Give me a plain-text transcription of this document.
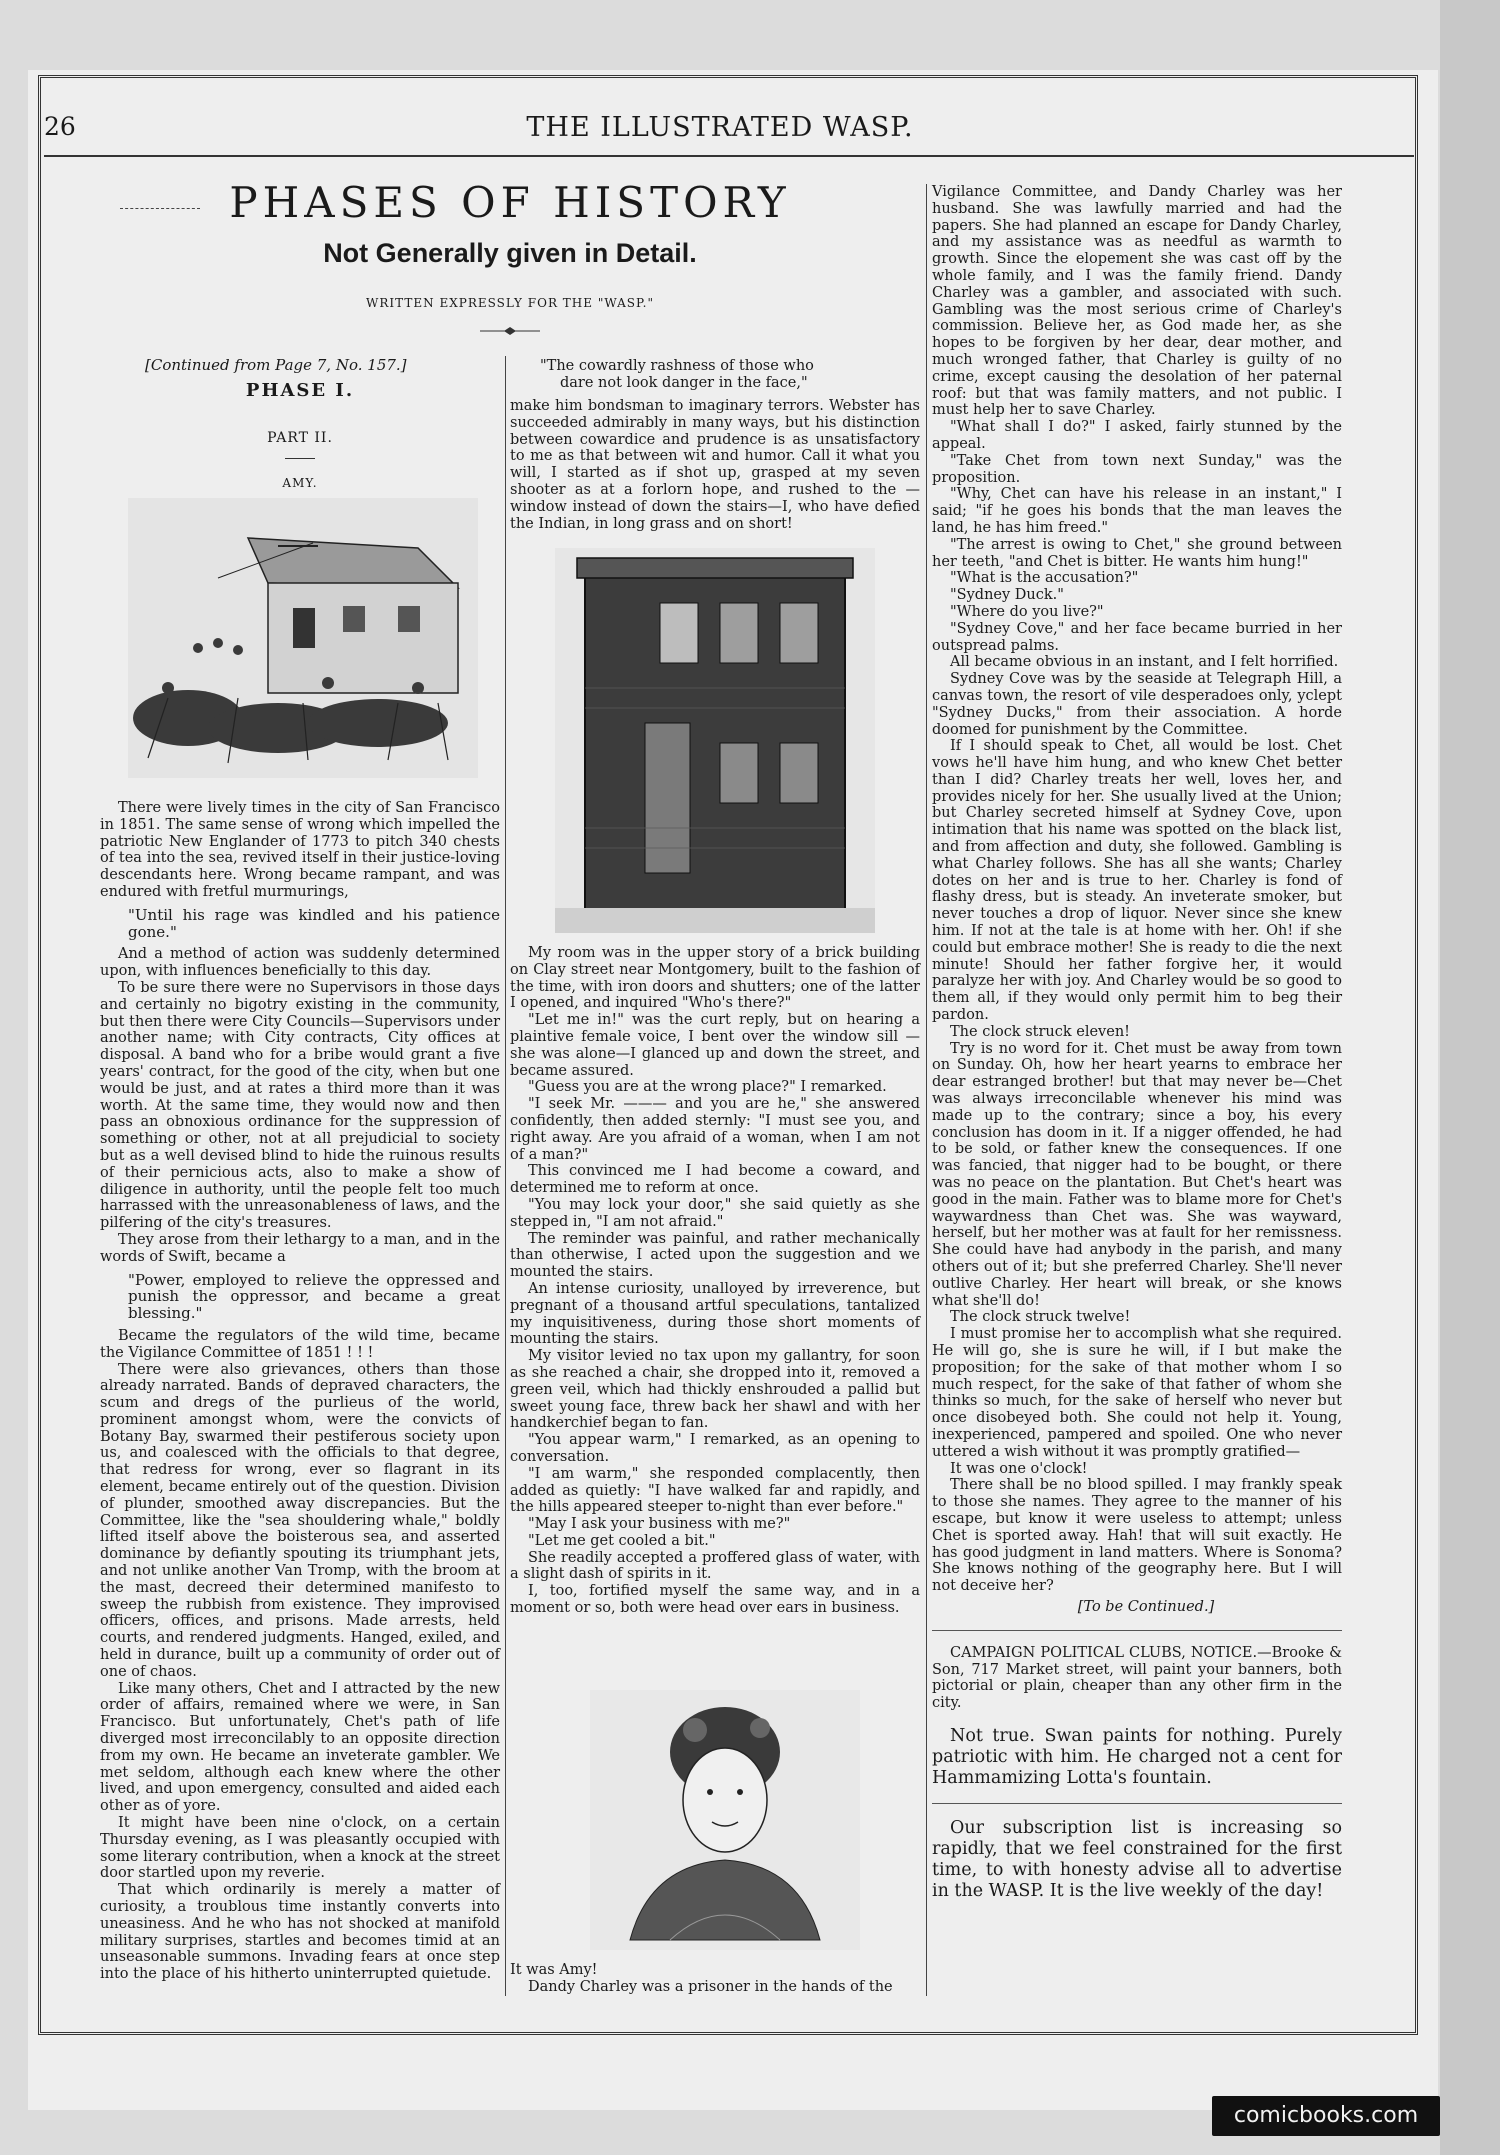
26	THE ILLUSTRATED WASP.
PHASES OF HISTORY
Not Generally given in Detail.
WRITTEN EXPRESSLY FOR THE "WASP."
[Continued from Page 7, No. 157.]
PHASE I.
PART II.
AMY.

There were lively times in the city of San Francisco in 1851. The same sense of wrong which impelled the patriotic New Englander of 1773 to pitch 340 chests of tea into the sea, revived itself in their justice-loving descendants here. Wrong became rampant, and was endured with fretful murmurings,

"Until his rage was kindled and his patience gone."

And a method of action was suddenly determined upon, with influences beneficially to this day.

To be sure there were no Supervisors in those days and certainly no bigotry existing in the community, but then there were City Councils—Supervisors under another name; with City contracts, City offices at disposal. A band who for a bribe would grant a five years' contract, for the good of the city, when but one would be just, and at rates a third more than it was worth. At the same time, they would now and then pass an obnoxious ordinance for the suppression of something or other, not at all prejudicial to society but as a well devised blind to hide the ruinous results of their pernicious acts, also to make a show of diligence in authority, until the people felt too much harrassed with the unreasonableness of laws, and the pilfering of the city's treasures.

They arose from their lethargy to a man, and in the words of Swift, became a

"Power, employed to relieve the oppressed and punish the oppressor, and became a great blessing."

Became the regulators of the wild time, became the Vigilance Committee of 1851 ! ! !

There were also grievances, others than those already narrated. Bands of depraved characters, the scum and dregs of the purlieus of the world, prominent amongst whom, were the convicts of Botany Bay, swarmed their pestiferous society upon us, and coalesced with the officials to that degree, that redress for wrong, ever so flagrant in its element, became entirely out of the question. Division of plunder, smoothed away discrepancies. But the Committee, like the "sea shouldering whale," boldly lifted itself above the boisterous sea, and asserted dominance by defiantly spouting its triumphant jets, and not unlike another Van Tromp, with the broom at the mast, decreed their determined manifesto to sweep the rubbish from existence. They improvised officers, offices, and prisons. Made arrests, held courts, and rendered judgments. Hanged, exiled, and held in durance, built up a community of order out of one of chaos.

Like many others, Chet and I attracted by the new order of affairs, remained where we were, in San Francisco. But unfortunately, Chet's path of life diverged most irreconcilably to an opposite direction from my own. He became an inveterate gambler. We met seldom, although each knew where the other lived, and upon emergency, consulted and aided each other as of yore.

It might have been nine o'clock, on a certain Thursday evening, as I was pleasantly occupied with some literary contribution, when a knock at the street door startled upon my reverie.

That which ordinarily is merely a matter of curiosity, a troublous time instantly converts into uneasiness. And he who has not shocked at manifold military surprises, startles and becomes timid at an unseasonable summons. Invading fears at once step into the place of his hitherto uninterrupted quietude.

"The cowardly rashness of those who
dare not look danger in the face,"

make him bondsman to imaginary terrors. Webster has succeeded admirably in many ways, but his distinction between cowardice and prudence is as unsatisfactory to me as that between wit and humor. Call it what you will, I started as if shot up, grasped at my seven shooter as at a forlorn hope, and rushed to the —window instead of down the stairs—I, who have defied the Indian, in long grass and on short!

My room was in the upper story of a brick building on Clay street near Montgomery, built to the fashion of the time, with iron doors and shutters; one of the latter I opened, and inquired "Who's there?"

"Let me in!" was the curt reply, but on hearing a plaintive female voice, I bent over the window sill —she was alone—I glanced up and down the street, and became assured.

"Guess you are at the wrong place?" I remarked.

"I seek Mr. ——— and you are he," she answered confidently, then added sternly: "I must see you, and right away. Are you afraid of a woman, when I am not of a man?"

This convinced me I had become a coward, and determined me to reform at once.

"You may lock your door," she said quietly as she stepped in, "I am not afraid."

The reminder was painful, and rather mechanically than otherwise, I acted upon the suggestion and we mounted the stairs.

An intense curiosity, unalloyed by irreverence, but pregnant of a thousand artful speculations, tantalized my inquisitiveness, during those short moments of mounting the stairs.

My visitor levied no tax upon my gallantry, for soon as she reached a chair, she dropped into it, removed a green veil, which had thickly enshrouded a pallid but sweet young face, threw back her shawl and with her handkerchief began to fan.

"You appear warm," I remarked, as an opening to conversation.

"I am warm," she responded complacently, then added as quietly: "I have walked far and rapidly, and the hills appeared steeper to-night than ever before."

"May I ask your business with me?"

"Let me get cooled a bit."

She readily accepted a proffered glass of water, with a slight dash of spirits in it.

I, too, fortified myself the same way, and in a moment or so, both were head over ears in business.

It was Amy!

Dandy Charley was a prisoner in the hands of the

Vigilance Committee, and Dandy Charley was her husband. She was lawfully married and had the papers. She had planned an escape for Dandy Charley, and my assistance was as needful as warmth to growth. Since the elopement she was cast off by the whole family, and I was the family friend. Dandy Charley was a gambler, and associated with such. Gambling was the most serious crime of Charley's commission. Believe her, as God made her, as she hopes to be forgiven by her dear, dear mother, and much wronged father, that Charley is guilty of no crime, except causing the desolation of her paternal roof: but that was family matters, and not public. I must help her to save Charley.

"What shall I do?" I asked, fairly stunned by the appeal.

"Take Chet from town next Sunday," was the proposition.

"Why, Chet can have his release in an instant," I said; "if he goes his bonds that the man leaves the land, he has him freed."

"The arrest is owing to Chet," she ground between her teeth, "and Chet is bitter. He wants him hung!"

"What is the accusation?"

"Sydney Duck."

"Where do you live?"

"Sydney Cove," and her face became burried in her outspread palms.

All became obvious in an instant, and I felt horrified.

Sydney Cove was by the seaside at Telegraph Hill, a canvas town, the resort of vile desperadoes only, yclept "Sydney Ducks," from their association. A horde doomed for punishment by the Committee.

If I should speak to Chet, all would be lost. Chet vows he'll have him hung, and who knew Chet better than I did? Charley treats her well, loves her, and provides nicely for her. She usually lived at the Union; but Charley secreted himself at Sydney Cove, upon intimation that his name was spotted on the black list, and from affection and duty, she followed. Gambling is what Charley follows. She has all she wants; Charley dotes on her and is true to her. Charley is fond of flashy dress, but is steady. An inveterate smoker, but never touches a drop of liquor. Never since she knew him. If not at the tale is at home with her. Oh! if she could but embrace mother! She is ready to die the next minute! Should her father forgive her, it would paralyze her with joy. And Charley would be so good to them all, if they would only permit him to beg their pardon.

The clock struck eleven!

Try is no word for it. Chet must be away from town on Sunday. Oh, how her heart yearns to embrace her dear estranged brother! but that may never be—Chet was always irreconcilable whenever his mind was made up to the contrary; since a boy, his every conclusion has doom in it. If a nigger offended, he had to be sold, or father knew the consequences. If one was fancied, that nigger had to be bought, or there was no peace on the plantation. But Chet's heart was good in the main. Father was to blame more for Chet's waywardness than Chet was. She was wayward, herself, but her mother was at fault for her remissness. She could have had anybody in the parish, and many others out of it; but she preferred Charley. She'll never outlive Charley. Her heart will break, or she knows what she'll do!

The clock struck twelve!

I must promise her to accomplish what she required. He will go, she is sure he will, if I but make the proposition; for the sake of that mother whom I so much respect, for the sake of that father of whom she thinks so much, for the sake of herself who never but once disobeyed both. She could not help it. Young, inexperienced, pampered and spoiled. One who never uttered a wish without it was promptly gratified—

It was one o'clock!

There shall be no blood spilled. I may frankly speak to those she names. They agree to the manner of his escape, but know it were useless to attempt; unless Chet is sported away. Hah! that will suit exactly. He has good judgment in land matters. Where is Sonoma? She knows nothing of the geography here. But I will not deceive her?

[To be Continued.]

CAMPAIGN POLITICAL CLUBS, NOTICE.—Brooke & Son, 717 Market street, will paint your banners, both pictorial or plain, cheaper than any other firm in the city.

Not true. Swan paints for nothing. Purely patriotic with him. He charged not a cent for Hammamizing Lotta's fountain.

Our subscription list is increasing so rapidly, that we feel constrained for the first time, to with honesty advise all to advertise in the WASP. It is the live weekly of the day!

comicbooks.com
